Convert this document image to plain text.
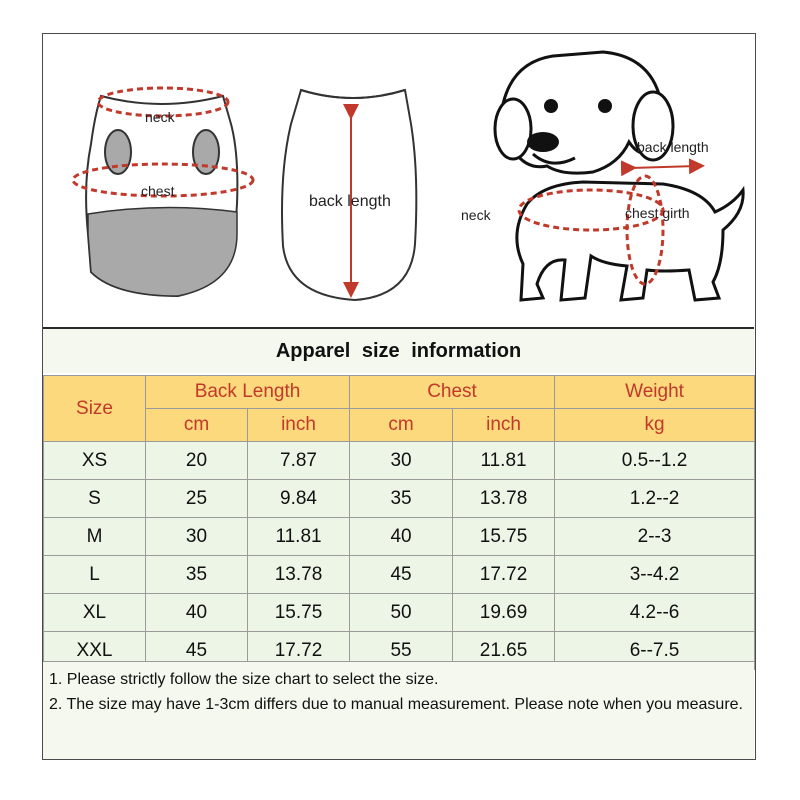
neck
chest
back length
back length
neck	chest girth
Apparel size information
Size	Back Length		Chest		Weight
	cm	inch	cm	inch	kg
XS	20	7.87	30	11.81	0.5--1.2
S	25	9.84	35	13.78	1.2--2
M	30	11.81	40	15.75	2--3
L	35	13.78	45	17.72	3--4.2
XL	40	15.75	50	19.69	4.2--6
XXL	45	17.72	55	21.65	6--7.5
1. Please strictly follow the size chart to select the size.
2. The size may have 1-3cm differs due to manual measurement. Please note when you measure.
